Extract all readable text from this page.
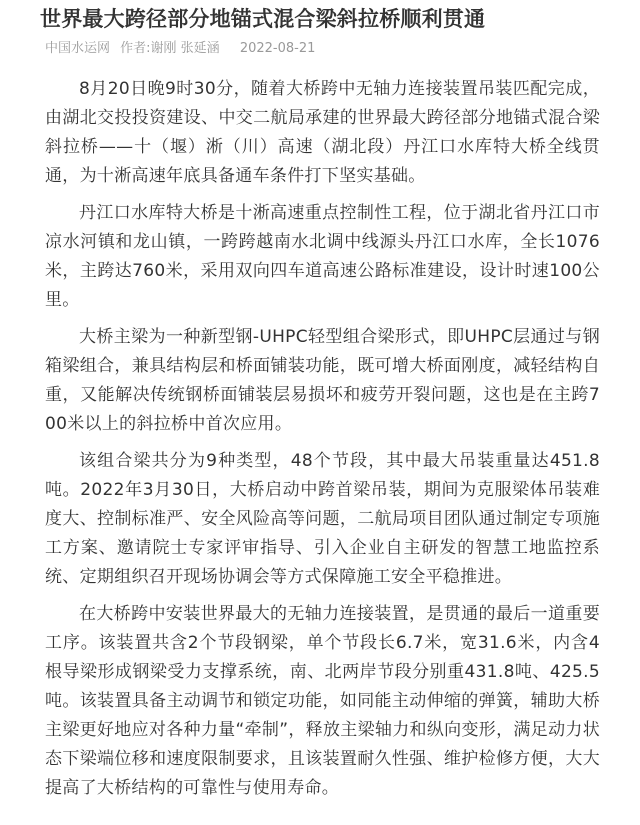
世界最大跨径部分地锚式混合梁斜拉桥顺利贯通
中国水运网 作者:谢刚 张延涵 2022-08-21

8月20日晚9时30分，随着大桥跨中无轴力连接装置吊装匹配完成，由湖北交投投资建设、中交二航局承建的世界最大跨径部分地锚式混合梁斜拉桥——十（堰）淅（川）高速（湖北段）丹江口水库特大桥全线贯通，为十淅高速年底具备通车条件打下坚实基础。

丹江口水库特大桥是十淅高速重点控制性工程，位于湖北省丹江口市凉水河镇和龙山镇，一跨跨越南水北调中线源头丹江口水库，全长1076米，主跨达760米，采用双向四车道高速公路标准建设，设计时速100公里。

大桥主梁为一种新型钢-UHPC轻型组合梁形式，即UHPC层通过与钢箱梁组合，兼具结构层和桥面铺装功能，既可增大桥面刚度，减轻结构自重，又能解决传统钢桥面铺装层易损坏和疲劳开裂问题，这也是在主跨700米以上的斜拉桥中首次应用。

该组合梁共分为9种类型，48个节段，其中最大吊装重量达451.8吨。2022年3月30日，大桥启动中跨首梁吊装，期间为克服梁体吊装难度大、控制标准严、安全风险高等问题，二航局项目团队通过制定专项施工方案、邀请院士专家评审指导、引入企业自主研发的智慧工地监控系统、定期组织召开现场协调会等方式保障施工安全平稳推进。

在大桥跨中安装世界最大的无轴力连接装置，是贯通的最后一道重要工序。该装置共含2个节段钢梁，单个节段长6.7米，宽31.6米，内含4根导梁形成钢梁受力支撑系统，南、北两岸节段分别重431.8吨、425.5吨。该装置具备主动调节和锁定功能，如同能主动伸缩的弹簧，辅助大桥主梁更好地应对各种力量“牵制”，释放主梁轴力和纵向变形，满足动力状态下梁端位移和速度限制要求，且该装置耐久性强、维护检修方便，大大提高了大桥结构的可靠性与使用寿命。
